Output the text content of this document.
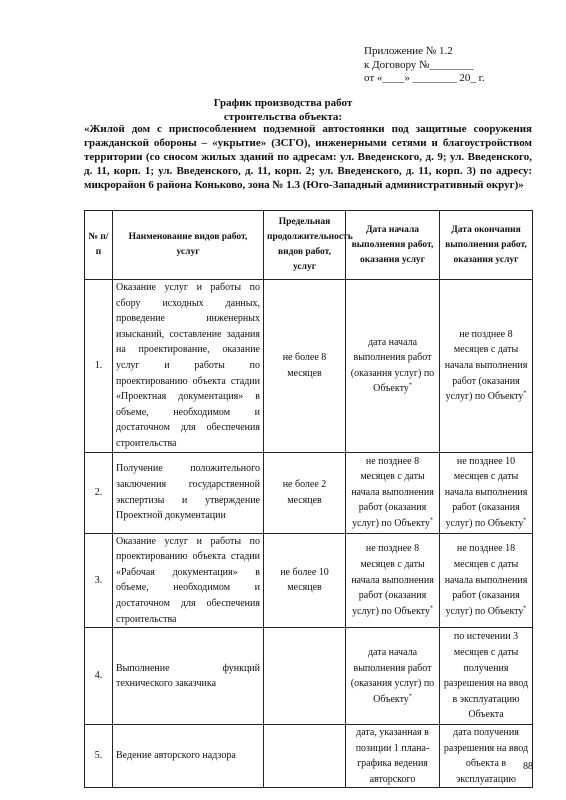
Приложение № 1.2
к Договору №________
от «____» ________ 20_ г.
График производства работ
строительства объекта:
«Жилой дом с приспособлением подземной автостоянки под защитные сооружения гражданской обороны – «укрытие» (ЗСГО), инженерными сетями и благоустройством территории (со сносом жилых зданий по адресам: ул. Введенского, д. 9; ул. Введенского, д. 11, корп. 1; ул. Введенского, д. 11, корп. 2; ул. Введенского, д. 11, корп. 3) по адресу: микрорайон 6 района Коньково, зона № 1.3 (Юго-Западный административный округ)»
№ п/п	Наименование видов работ, услуг	Предельная продолжительность видов работ, услуг	Дата начала выполнения работ, оказания услуг	Дата окончания выполнения работ, оказания услуг
1.	Оказание услуг и работы по сбору исходных данных, проведение инженерных изысканий, составление задания на проектирование, оказание услуг и работы по проектированию объекта стадии «Проектная документация» в объеме, необходимом и достаточном для обеспечения строительства	не более 8 месяцев	дата начала выполнения работ (оказания услуг) по Объекту*	не позднее 8 месяцев с даты начала выполнения работ (оказания услуг) по Объекту*
2.	Получение положительного заключения государственной экспертизы и утверждение Проектной документации	не более 2 месяцев	не позднее 8 месяцев с даты начала выполнения работ (оказания услуг) по Объекту*	не позднее 10 месяцев с даты начала выполнения работ (оказания услуг) по Объекту*
3.	Оказание услуг и работы по проектированию объекта стадии «Рабочая документация» в объеме, необходимом и достаточном для обеспечения строительства	не более 10 месяцев	не позднее 8 месяцев с даты начала выполнения работ (оказания услуг) по Объекту*	не позднее 18 месяцев с даты начала выполнения работ (оказания услуг) по Объекту*
4.	Выполнение функций технического заказчика		дата начала выполнения работ (оказания услуг) по Объекту*	по истечении 3 месяцев с даты получения разрешения на ввод в эксплуатацию Объекта
5.	Ведение авторского надзора		дата, указанная в позиции 1 плана-графика ведения авторского	дата получения разрешения на ввод объекта в эксплуатацию
88
